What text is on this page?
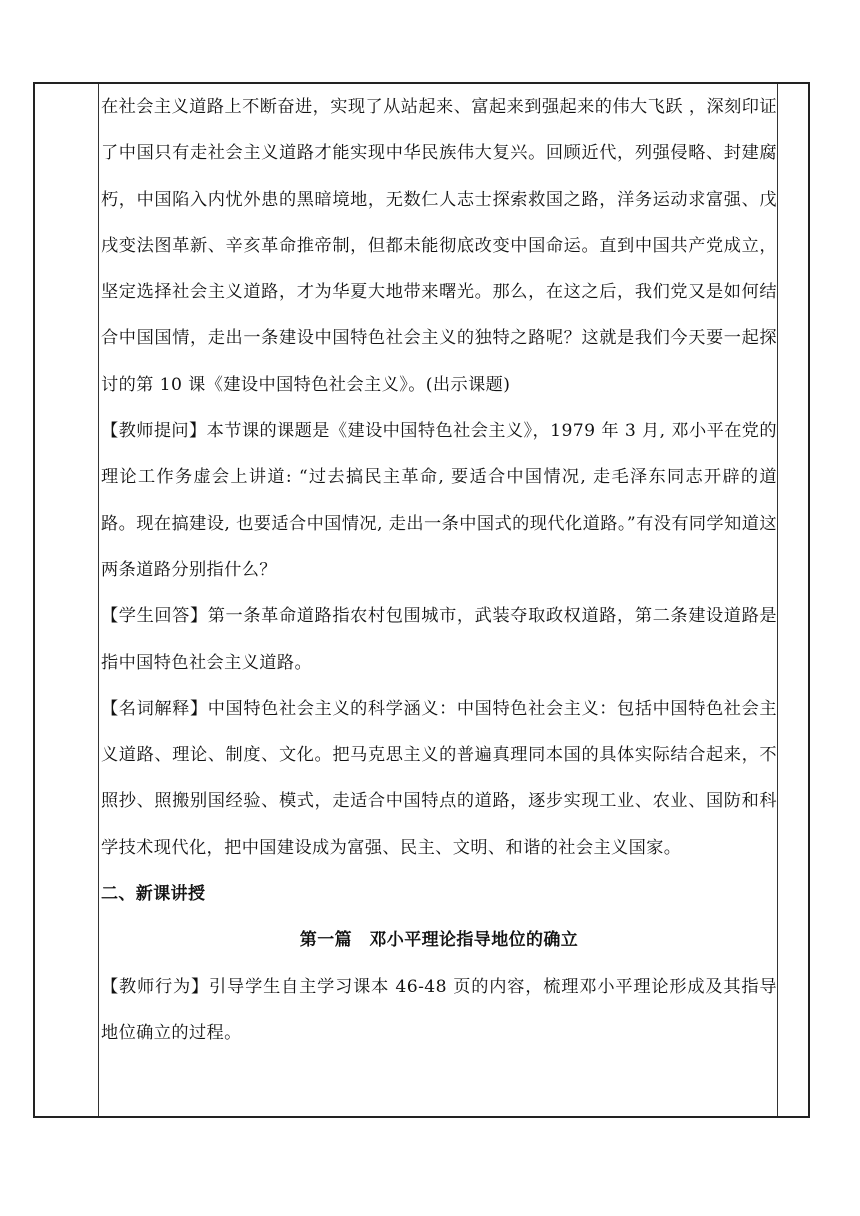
在社会主义道路上不断奋进，实现了从站起来、富起来到强起来的伟大飞跃 ，深刻印证了中国只有走社会主义道路才能实现中华民族伟大复兴。回顾近代，列强侵略、封建腐朽，中国陷入内忧外患的黑暗境地，无数仁人志士探索救国之路，洋务运动求富强、戊戌变法图革新、辛亥革命推帝制，但都未能彻底改变中国命运。直到中国共产党成立，坚定选择社会主义道路，才为华夏大地带来曙光。那么，在这之后，我们党又是如何结合中国国情，走出一条建设中国特色社会主义的独特之路呢？这就是我们今天要一起探讨的第 10 课《建设中国特色社会主义》。(出示课题)

【教师提问】本节课的课题是《建设中国特色社会主义》，1979 年 3 月, 邓小平在党的理论工作务虚会上讲道: “过去搞民主革命, 要适合中国情况, 走毛泽东同志开辟的道路。现在搞建设, 也要适合中国情况, 走出一条中国式的现代化道路。”有没有同学知道这两条道路分别指什么？

【学生回答】第一条革命道路指农村包围城市，武装夺取政权道路，第二条建设道路是指中国特色社会主义道路。

【名词解释】中国特色社会主义的科学涵义：中国特色社会主义：包括中国特色社会主义道路、理论、制度、文化。把马克思主义的普遍真理同本国的具体实际结合起来，不照抄、照搬别国经验、模式，走适合中国特点的道路，逐步实现工业、农业、国防和科学技术现代化，把中国建设成为富强、民主、文明、和谐的社会主义国家。

二、新课讲授

第一篇　邓小平理论指导地位的确立

【教师行为】引导学生自主学习课本 46-48 页的内容，梳理邓小平理论形成及其指导地位确立的过程。
